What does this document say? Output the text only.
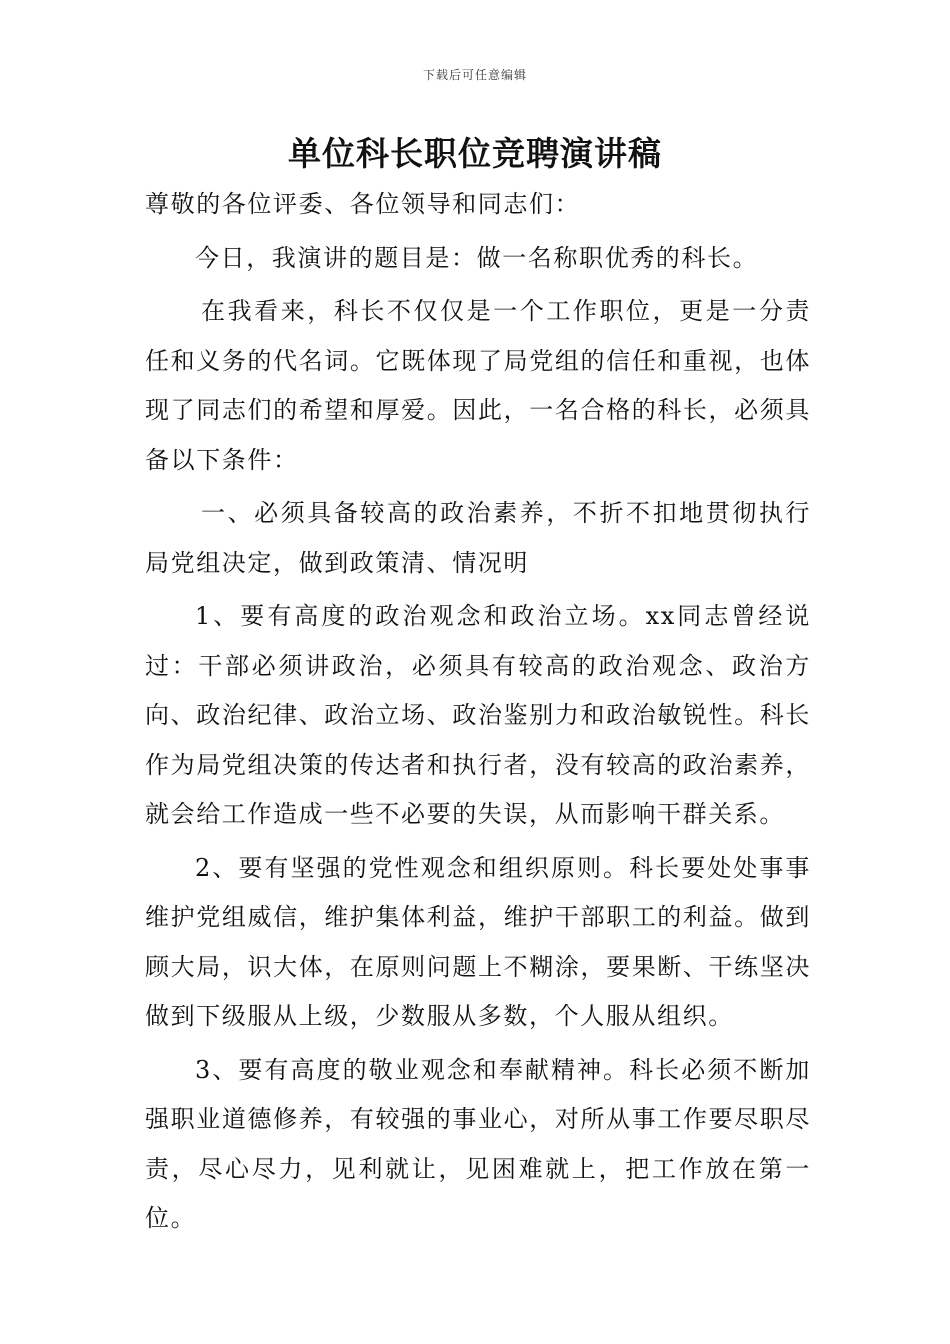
下载后可任意编辑
单位科长职位竞聘演讲稿

尊敬的各位评委、各位领导和同志们：

今日，我演讲的题目是：做一名称职优秀的科长。

在我看来，科长不仅仅是一个工作职位，更是一分责任和义务的代名词。它既体现了局党组的信任和重视，也体现了同志们的希望和厚爱。因此，一名合格的科长，必须具备以下条件：

一、必须具备较高的政治素养，不折不扣地贯彻执行局党组决定，做到政策清、情况明

1、要有高度的政治观念和政治立场。xx同志曾经说过：干部必须讲政治，必须具有较高的政治观念、政治方向、政治纪律、政治立场、政治鉴别力和政治敏锐性。科长作为局党组决策的传达者和执行者，没有较高的政治素养，就会给工作造成一些不必要的失误，从而影响干群关系。

2、要有坚强的党性观念和组织原则。科长要处处事事维护党组威信，维护集体利益，维护干部职工的利益。做到顾大局，识大体，在原则问题上不糊涂，要果断、干练坚决做到下级服从上级，少数服从多数，个人服从组织。

3、要有高度的敬业观念和奉献精神。科长必须不断加强职业道德修养，有较强的事业心，对所从事工作要尽职尽责，尽心尽力，见利就让，见困难就上，把工作放在第一位。
